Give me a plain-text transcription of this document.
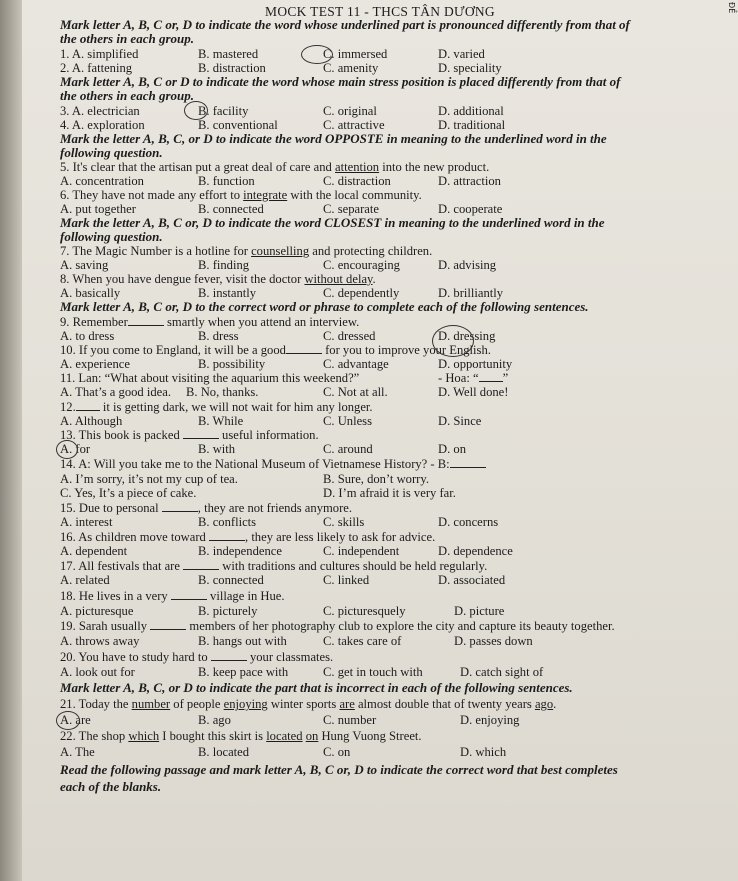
MOCK TEST 11 - THCS TÂN DƯƠNG	ĐỀ
Mark letter A, B, C or, D to indicate the word whose underlined part is pronounced differently from that of
the others in each group.
1. A. simplified	B. mastered	C. immersed	D. varied
2. A. fattening	B. distraction	C. amenity	D. speciality
Mark letter A, B, C or D to indicate the word whose main stress position is placed differently from that of
the others in each group.
3. A. electrician	B. facility	C. original	D. additional
4. A. exploration	B. conventional	C. attractive	D. traditional
Mark the letter A, B, C, or D to indicate the word OPPOSTE in meaning to the underlined word in the
following question.
5. It's clear that the artisan put a great deal of care and attention into the new product.
A. concentration	B. function	C. distraction	D. attraction
6. They have not made any effort to integrate with the local community.
A. put together	B. connected	C. separate	D. cooperate
Mark the letter A, B, C or, D to indicate the word CLOSEST in meaning to the underlined word in the
following question.
7. The Magic Number is a hotline for counselling and protecting children.
A. saving	B. finding	C. encouraging	D. advising
8. When you have dengue fever, visit the doctor without delay.
A. basically	B. instantly	C. dependently	D. brilliantly
Mark letter A, B, C or, D to the correct word or phrase to complete each of the following sentences.
9. Remember	smartly when you attend an interview.
A. to dress	B. dress	C. dressed	D. dressing
10. If you come to England, it will be a good	for you to improve your English.
A. experience	B. possibility	C. advantage	D. opportunity
11. Lan: “What about visiting the aquarium this weekend?”	- Hoa: “ ”
A. That’s a good idea. B. No, thanks.	C. Not at all.	D. Well done!
12. it is getting dark, we will not wait for him any longer.
A. Although	B. While	C. Unless	D. Since
13. This book is packed	useful information.
A. for	B. with	C. around	D. on
14. A: Will you take me to the National Museum of Vietnamese History? - B:
A. I’m sorry, it’s not my cup of tea.	B. Sure, don’t worry.
C. Yes, It’s a piece of cake.	D. I’m afraid it is very far.
15. Due to personal	, they are not friends anymore.
A. interest	B. conflicts	C. skills	D. concerns
16. As children move toward	, they are less likely to ask for advice.
A. dependent	B. independence	C. independent	D. dependence
17. All festivals that are	with traditions and cultures should be held regularly.
A. related	B. connected	C. linked	D. associated
18. He lives in a very	village in Hue.
A. picturesque	B. picturely	C. picturesquely	D. picture
19. Sarah usually	members of her photography club to explore the city and capture its beauty together.
A. throws away	B. hangs out with	C. takes care of	D. passes down
20. You have to study hard to	your classmates.
A. look out for	B. keep pace with	C. get in touch with	D. catch sight of
Mark letter A, B, C, or D to indicate the part that is incorrect in each of the following sentences.
21. Today the number of people enjoying winter sports are almost double that of twenty years ago.
A. are	B. ago	C. number	D. enjoying
22. The shop which I bought this skirt is located on Hung Vuong Street.
A. The	B. located	C. on	D. which
Read the following passage and mark letter A, B, C or, D to indicate the correct word that best completes
each of the blanks.
